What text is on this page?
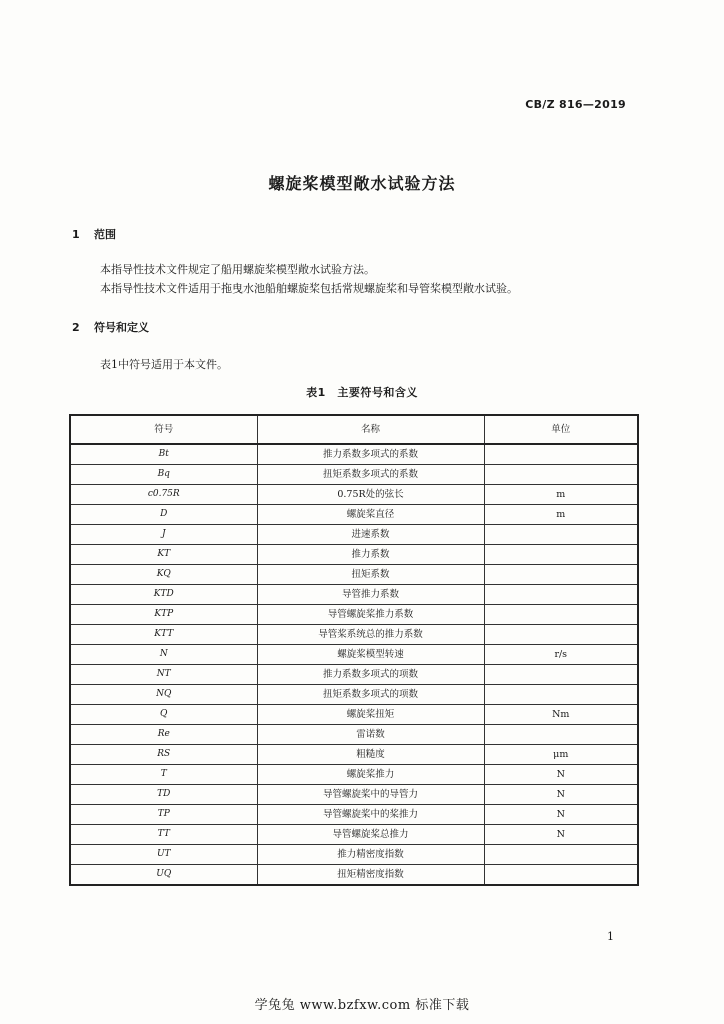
CB/Z 816—2019
螺旋桨模型敞水试验方法
1 范围
本指导性技术文件规定了船用螺旋桨模型敞水试验方法。
本指导性技术文件适用于拖曳水池船舶螺旋桨包括常规螺旋桨和导管桨模型敞水试验。
2 符号和定义
表1中符号适用于本文件。
表1　主要符号和含义
符号	名称	单位
Bt	推力系数多项式的系数	
Bq	扭矩系数多项式的系数	
c0.75R	0.75R处的弦长	m
D	螺旋桨直径	m
J	进速系数	
KT	推力系数	
KQ	扭矩系数	
KTD	导管推力系数	
KTP	导管螺旋桨推力系数	
KTT	导管桨系统总的推力系数	
N	螺旋桨模型转速	r/s
NT	推力系数多项式的项数	
NQ	扭矩系数多项式的项数	
Q	螺旋桨扭矩	Nm
Re	雷诺数	
RS	粗糙度	μm
T	螺旋桨推力	N
TD	导管螺旋桨中的导管力	N
TP	导管螺旋桨中的桨推力	N
TT	导管螺旋桨总推力	N
UT	推力精密度指数	
UQ	扭矩精密度指数	
1
学兔兔 www.bzfxw.com 标准下载
